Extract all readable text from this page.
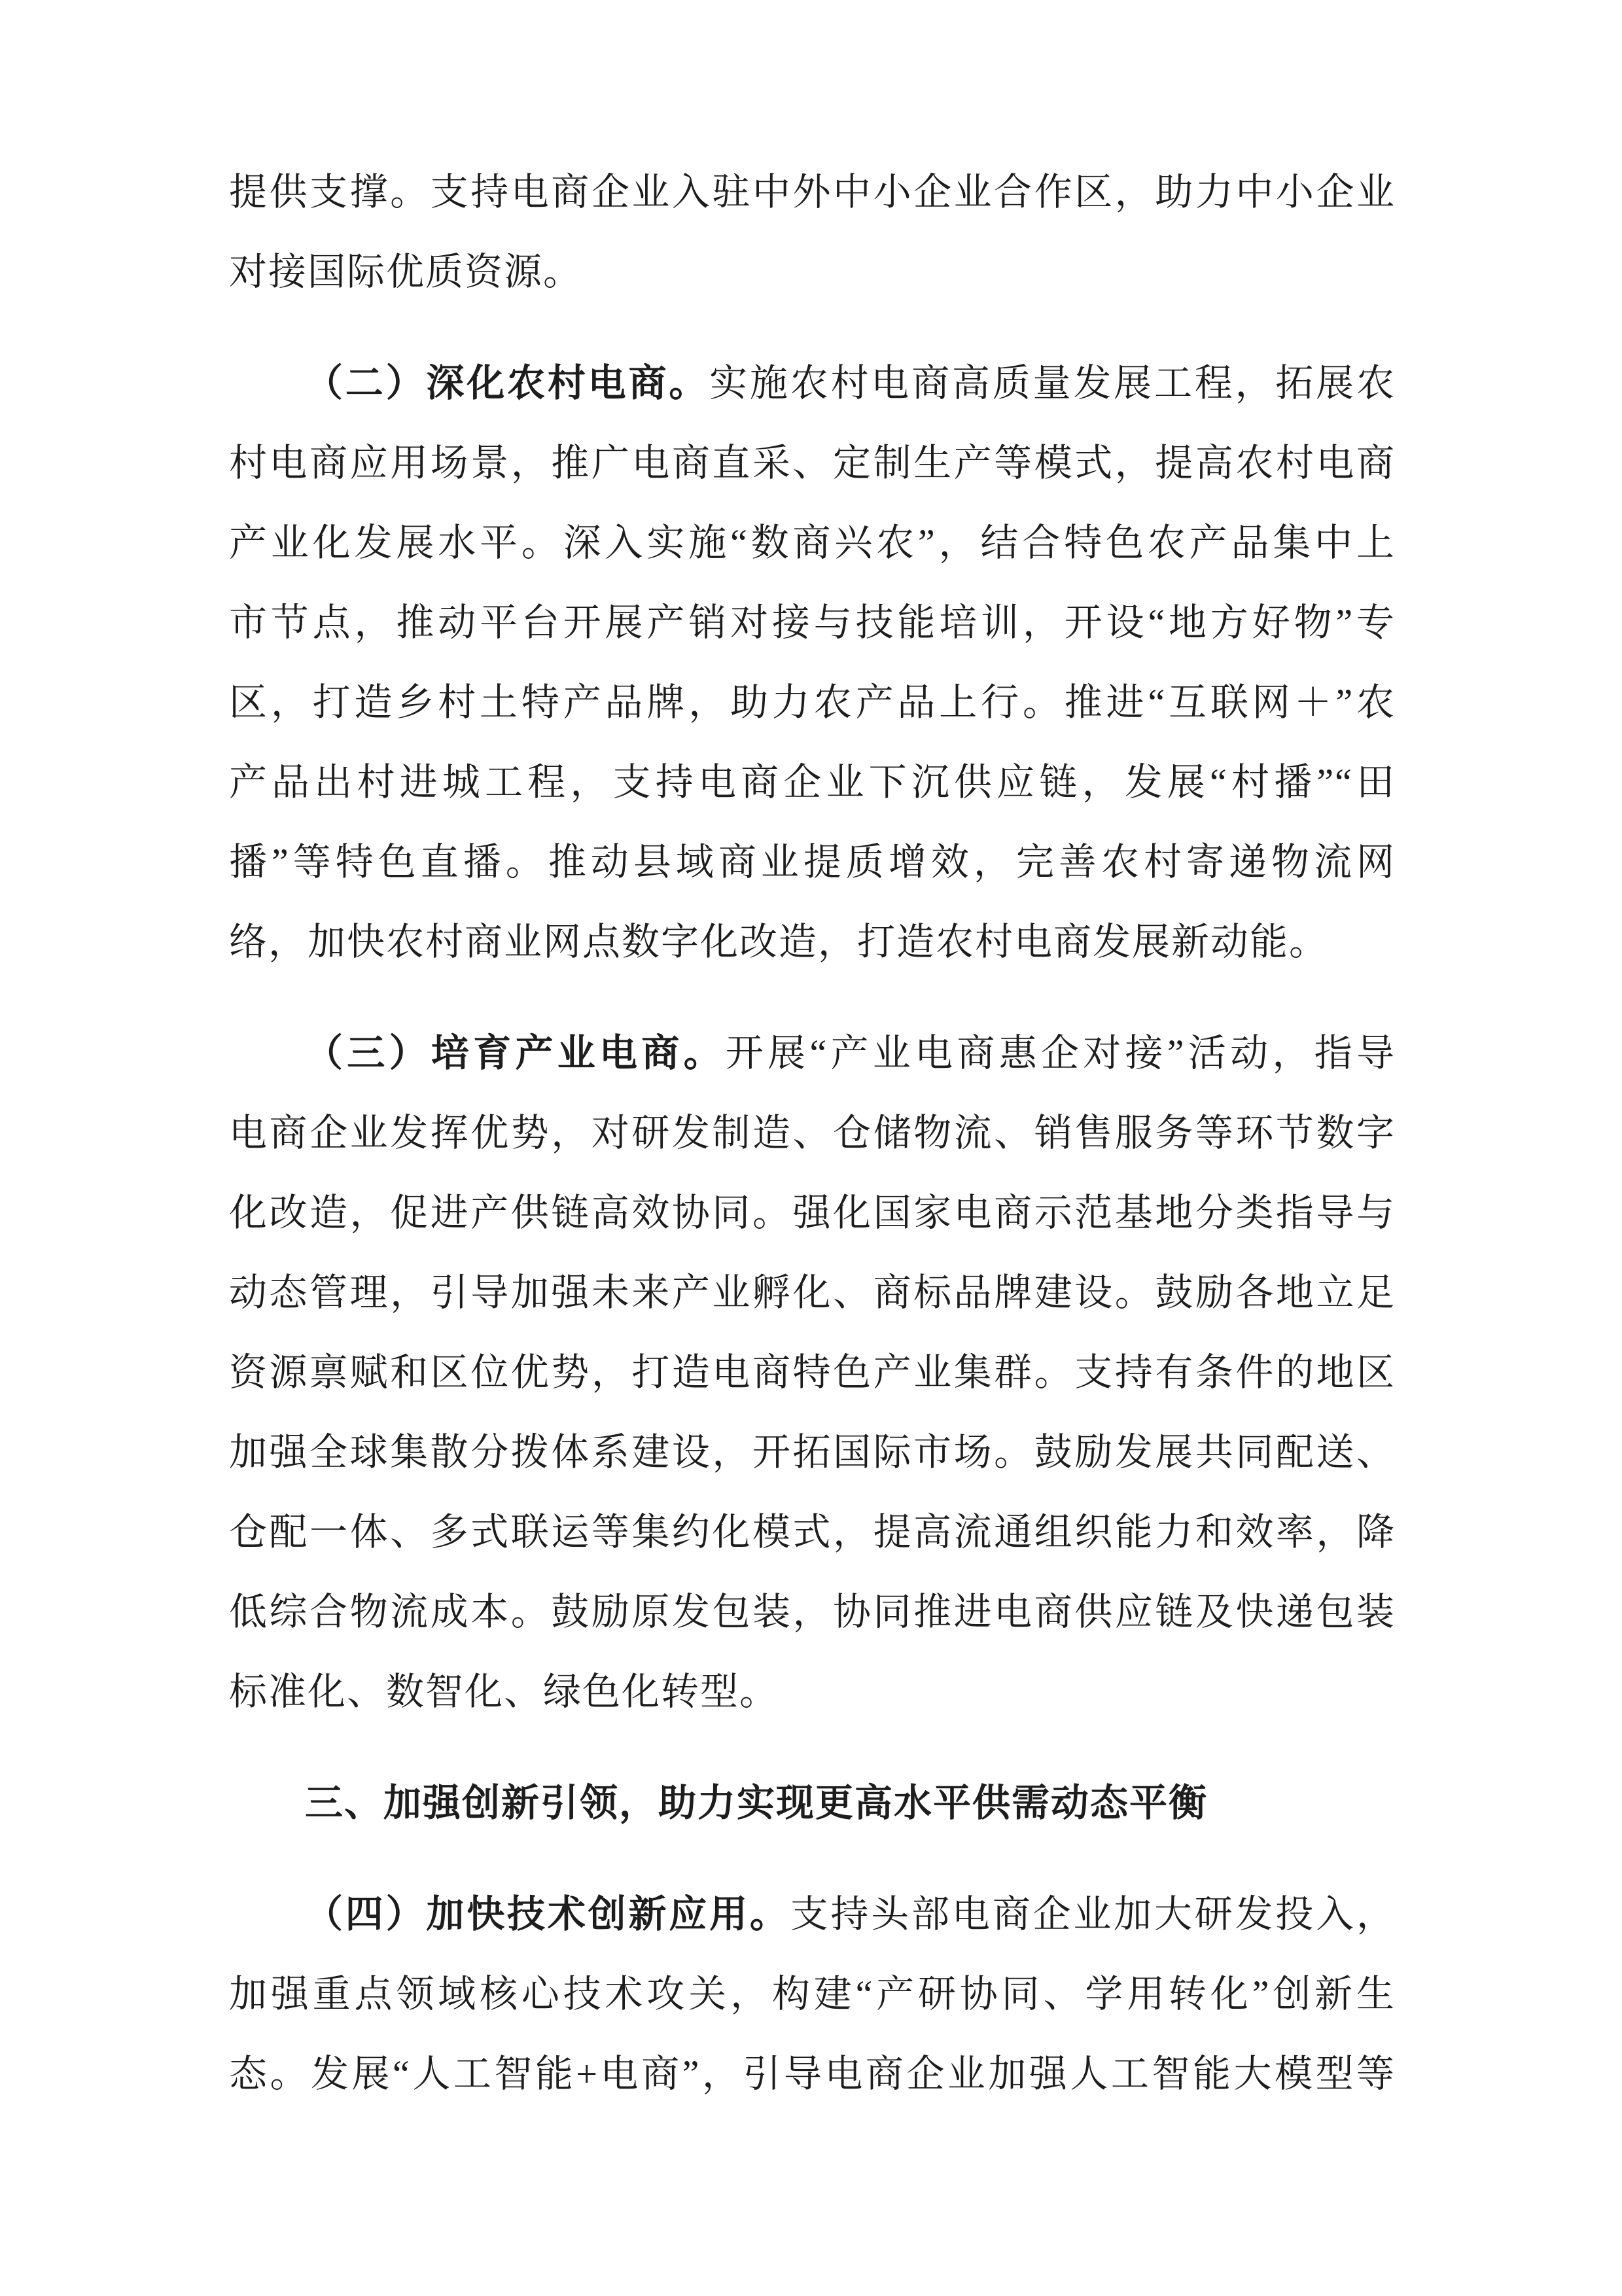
提供支撑。支持电商企业入驻中外中小企业合作区，助力中小企业
对接国际优质资源。
（二）深化农村电商。实施农村电商高质量发展工程，拓展农
村电商应用场景，推广电商直采、定制生产等模式，提高农村电商
产业化发展水平。深入实施“数商兴农”，结合特色农产品集中上
市节点，推动平台开展产销对接与技能培训，开设“地方好物”专
区，打造乡村土特产品牌，助力农产品上行。推进“互联网＋”农
产品出村进城工程，支持电商企业下沉供应链，发展“村播”“田
播”等特色直播。推动县域商业提质增效，完善农村寄递物流网
络，加快农村商业网点数字化改造，打造农村电商发展新动能。
（三）培育产业电商。开展“产业电商惠企对接”活动，指导
电商企业发挥优势，对研发制造、仓储物流、销售服务等环节数字
化改造，促进产供链高效协同。强化国家电商示范基地分类指导与
动态管理，引导加强未来产业孵化、商标品牌建设。鼓励各地立足
资源禀赋和区位优势，打造电商特色产业集群。支持有条件的地区
加强全球集散分拨体系建设，开拓国际市场。鼓励发展共同配送、
仓配一体、多式联运等集约化模式，提高流通组织能力和效率，降
低综合物流成本。鼓励原发包装，协同推进电商供应链及快递包装
标准化、数智化、绿色化转型。
三、加强创新引领，助力实现更高水平供需动态平衡
（四）加快技术创新应用。支持头部电商企业加大研发投入，
加强重点领域核心技术攻关，构建“产研协同、学用转化”创新生
态。发展“人工智能+电商”，引导电商企业加强人工智能大模型等
